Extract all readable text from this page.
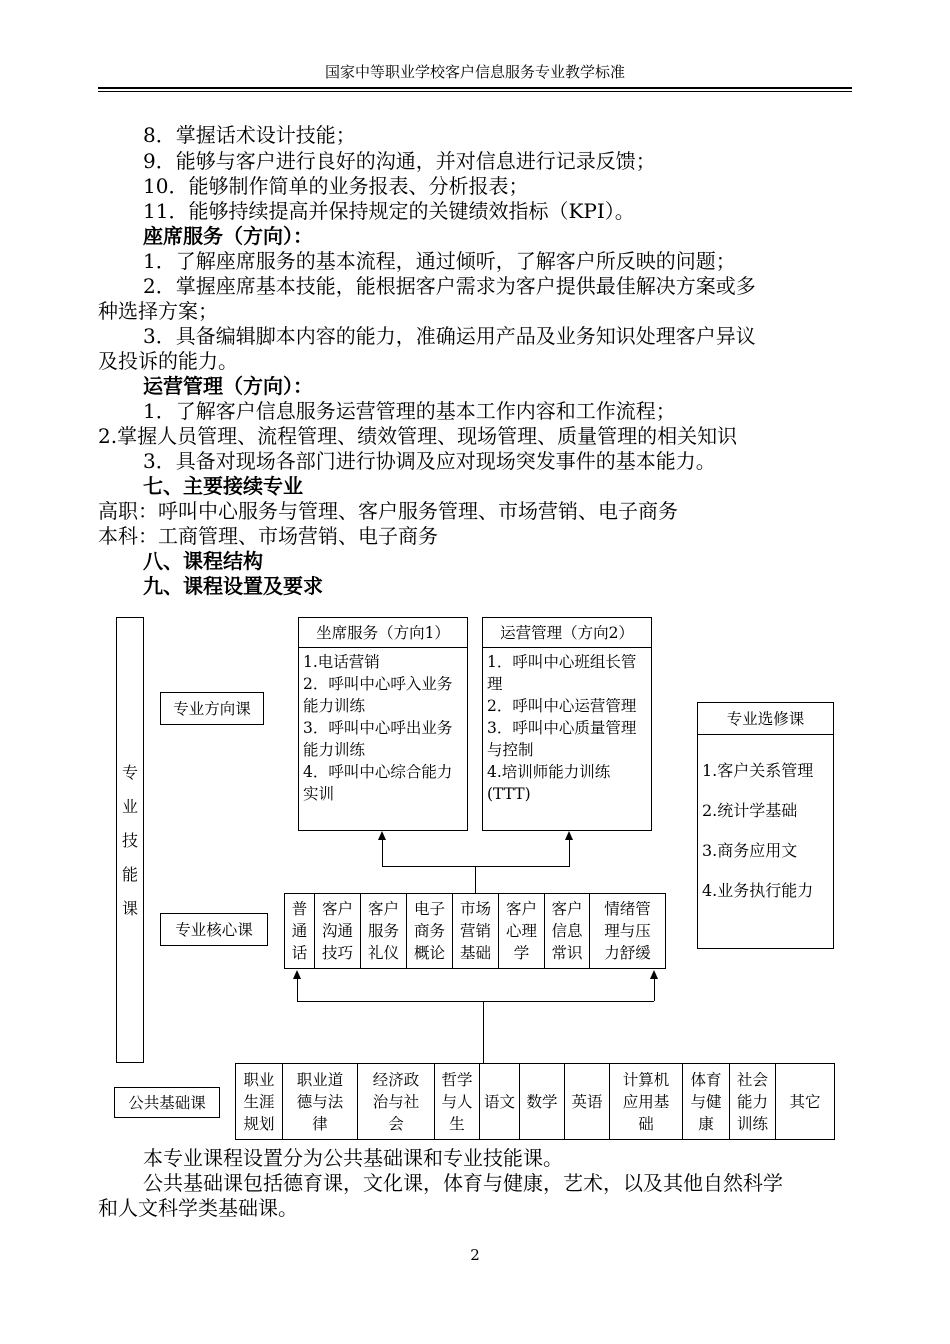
国家中等职业学校客户信息服务专业教学标准
8．掌握话术设计技能；
9．能够与客户进行良好的沟通，并对信息进行记录反馈；
10．能够制作简单的业务报表、分析报表；
11．能够持续提高并保持规定的关键绩效指标（KPI）。
座席服务（方向）：
1．了解座席服务的基本流程，通过倾听，了解客户所反映的问题；
2．掌握座席基本技能，能根据客户需求为客户提供最佳解决方案或多
种选择方案；
3．具备编辑脚本内容的能力，准确运用产品及业务知识处理客户异议
及投诉的能力。
运营管理（方向）：
1．了解客户信息服务运营管理的基本工作内容和工作流程；
2.掌握人员管理、流程管理、绩效管理、现场管理、质量管理的相关知识
3．具备对现场各部门进行协调及应对现场突发事件的基本能力。
七、主要接续专业
高职：呼叫中心服务与管理、客户服务管理、市场营销、电子商务
本科：工商管理、市场营销、电子商务
八、课程结构
九、课程设置及要求
专

业

技

能

课
专业方向课
专业核心课
公共基础课
坐席服务（方向1）
1.电话营销
2．呼叫中心呼入业务能力训练
3．呼叫中心呼出业务能力训练
4．呼叫中心综合能力实训
运营管理（方向2）
1．呼叫中心班组长管理
2．呼叫中心运营管理
3．呼叫中心质量管理与控制
4.培训师能力训练(TTT)
专业选修课
1.客户关系管理
2.统计学基础
3.商务应用文
4.业务执行能力
普
通
话
客户
沟通
技巧
客户
服务
礼仪
电子
商务
概论
市场
营销
基础
客户
心理
学
客户
信息
常识
情绪管
理与压
力舒缓
职业
生涯
规划
职业道
德与法
律
经济政
治与社
会
哲学
与人
生
语文 数学 英语
计算机
应用基
础
体育
与健
康
社会
能力
训练
其它
本专业课程设置分为公共基础课和专业技能课。
公共基础课包括德育课，文化课，体育与健康，艺术，以及其他自然科学
和人文科学类基础课。
2
